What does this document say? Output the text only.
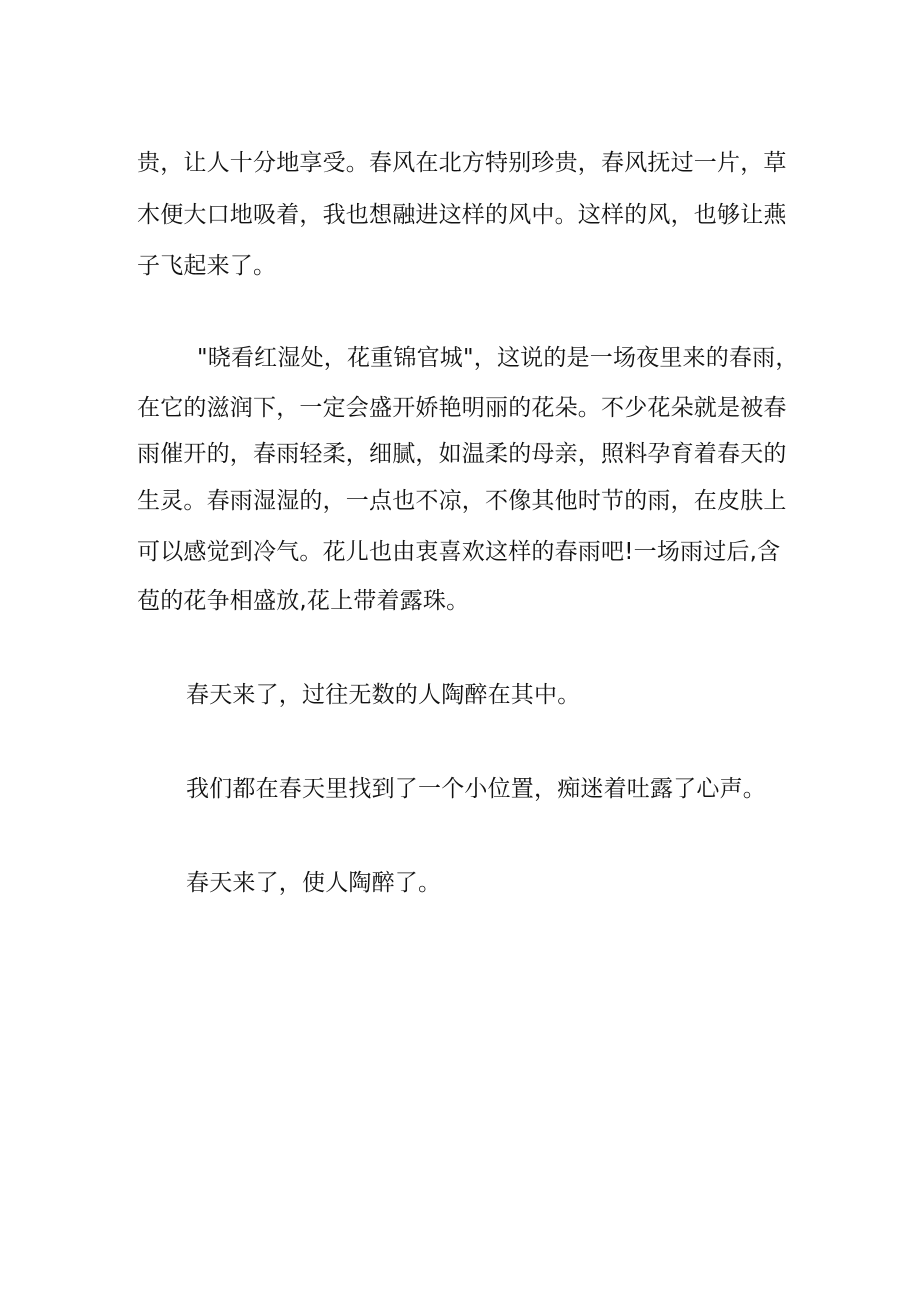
贵，让人十分地享受。春风在北方特别珍贵，春风抚过一片，草
木便大口地吸着，我也想融进这样的风中。这样的风，也够让燕
子飞起来了。
"晓看红湿处，花重锦官城"，这说的是一场夜里来的春雨，
在它的滋润下，一定会盛开娇艳明丽的花朵。不少花朵就是被春
雨催开的，春雨轻柔，细腻，如温柔的母亲，照料孕育着春天的
生灵。春雨湿湿的，一点也不凉，不像其他时节的雨，在皮肤上
可以感觉到冷气。花儿也由衷喜欢这样的春雨吧!一场雨过后,含
苞的花争相盛放,花上带着露珠。
春天来了，过往无数的人陶醉在其中。
我们都在春天里找到了一个小位置，痴迷着吐露了心声。
春天来了，使人陶醉了。
